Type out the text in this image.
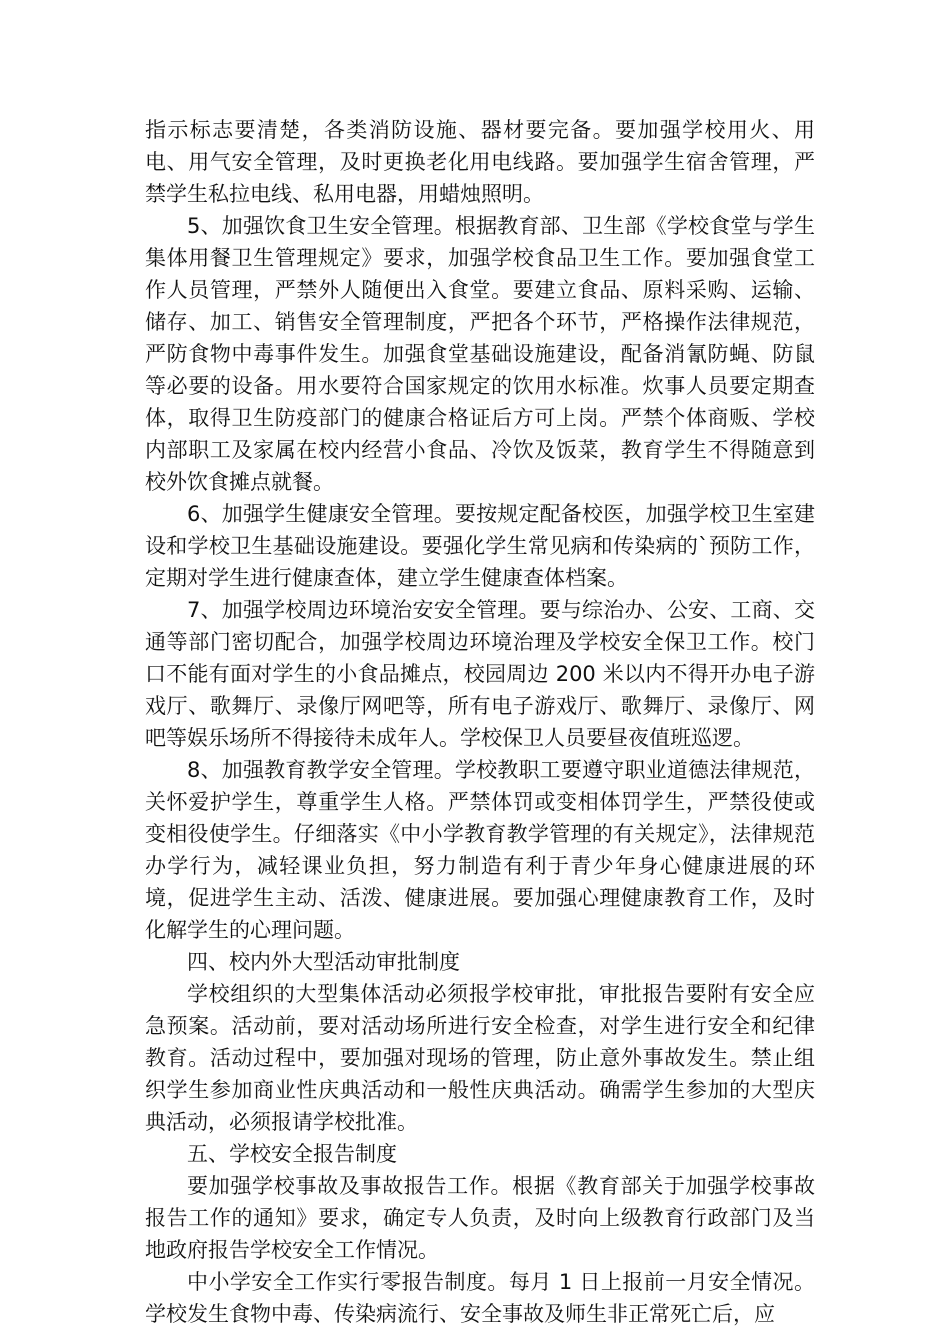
指示标志要清楚，各类消防设施、器材要完备。要加强学校用火、用电、用气安全管理，及时更换老化用电线路。要加强学生宿舍管理，严禁学生私拉电线、私用电器，用蜡烛照明。

5、加强饮食卫生安全管理。根据教育部、卫生部《学校食堂与学生集体用餐卫生管理规定》要求，加强学校食品卫生工作。要加强食堂工作人员管理，严禁外人随便出入食堂。要建立食品、原料采购、运输、储存、加工、销售安全管理制度，严把各个环节，严格操作法律规范，严防食物中毒事件发生。加强食堂基础设施建设，配备消氰防蝇、防鼠等必要的设备。用水要符合国家规定的饮用水标准。炊事人员要定期查体，取得卫生防疫部门的健康合格证后方可上岗。严禁个体商贩、学校内部职工及家属在校内经营小食品、冷饮及饭菜，教育学生不得随意到校外饮食摊点就餐。

6、加强学生健康安全管理。要按规定配备校医，加强学校卫生室建设和学校卫生基础设施建设。要强化学生常见病和传染病的`预防工作，定期对学生进行健康查体，建立学生健康查体档案。

7、加强学校周边环境治安安全管理。要与综治办、公安、工商、交通等部门密切配合，加强学校周边环境治理及学校安全保卫工作。校门口不能有面对学生的小食品摊点，校园周边 200 米以内不得开办电子游戏厅、歌舞厅、录像厅网吧等，所有电子游戏厅、歌舞厅、录像厅、网吧等娱乐场所不得接待未成年人。学校保卫人员要昼夜值班巡逻。

8、加强教育教学安全管理。学校教职工要遵守职业道德法律规范，关怀爱护学生，尊重学生人格。严禁体罚或变相体罚学生，严禁役使或变相役使学生。仔细落实《中小学教育教学管理的有关规定》，法律规范办学行为，减轻课业负担，努力制造有利于青少年身心健康进展的环境，促进学生主动、活泼、健康进展。要加强心理健康教育工作，及时化解学生的心理问题。

四、校内外大型活动审批制度

学校组织的大型集体活动必须报学校审批，审批报告要附有安全应急预案。活动前，要对活动场所进行安全检查，对学生进行安全和纪律教育。活动过程中，要加强对现场的管理，防止意外事故发生。禁止组织学生参加商业性庆典活动和一般性庆典活动。确需学生参加的大型庆典活动，必须报请学校批准。

五、学校安全报告制度

要加强学校事故及事故报告工作。根据《教育部关于加强学校事故报告工作的通知》要求，确定专人负责，及时向上级教育行政部门及当地政府报告学校安全工作情况。

中小学安全工作实行零报告制度。每月 1 日上报前一月安全情况。学校发生食物中毒、传染病流行、安全事故及师生非正常死亡后，应
